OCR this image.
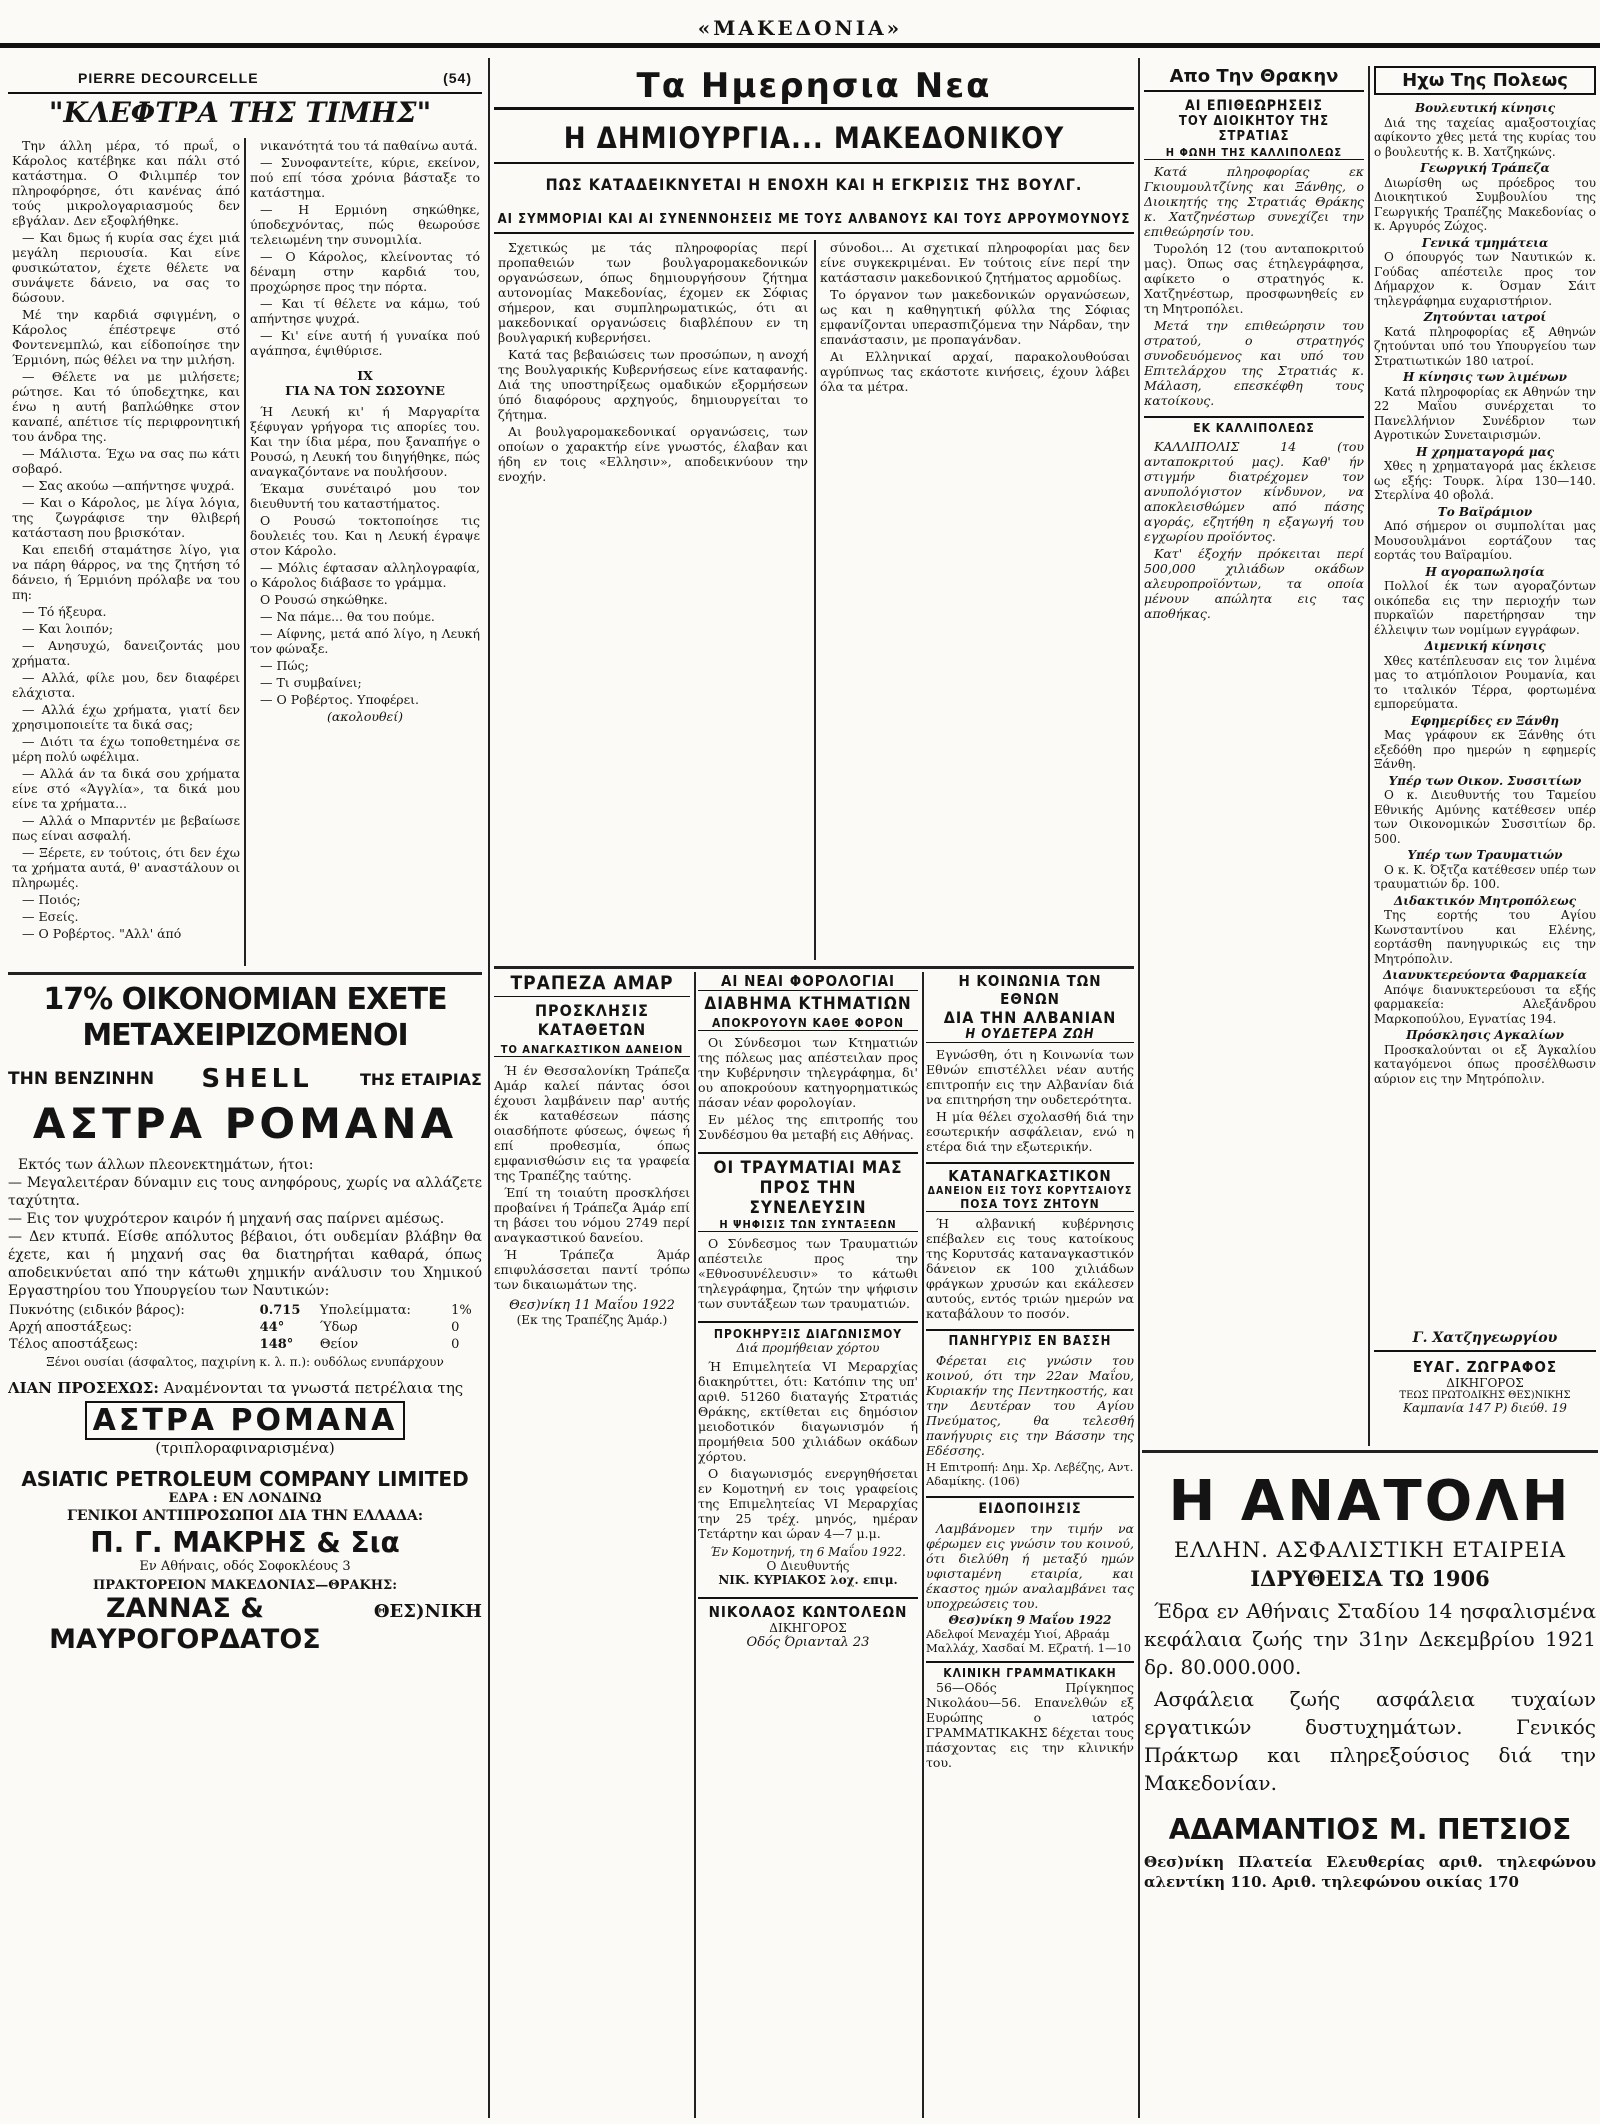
«ΜΑΚΕΔΟΝΙΑ»
PIERRE DECOURCELLE	(54)
"ΚΛΕΦΤΡΑ ΤΗΣ ΤΙΜΗΣ"

Την άλλη μέρα, τό πρωΐ, ο Κάρολος κατέβηκε και πάλι στό κατάστημα. Ο Φιλιμπέρ τον πληροφόρησε, ότι κανένας άπό τούς μικρολογαριασμούς δεν εβγάλαν. Δεν εξοφλήθηκε.

— Και δμως ή κυρία σας έχει μιά μεγάλη περιουσία. Και είνε φυσικώτατον, έχετε θέλετε να συνάψετε δάνειο, να σας το δώσουν.

Μέ την καρδιά σφιγμένη, ο Κάρολος έπέστρεψε στό Φοντενεμπλώ, και είδοποίησε την Έρμιόνη, πώς θέλει να την μιλήση.

— Θέλετε να με μιλήσετε; ρώτησε. Και τό ύποδεχτηκε, και ένω η αυτή βαπλώθηκε στον καναπέ, απέτισε τίς περιφρονητική του άνδρα της.

— Μάλιστα. Έχω να σας πω κάτι σοβαρό.

— Σας ακούω —απήντησε ψυχρά.

— Και ο Κάρολος, με λίγα λόγια, της ζωγράφισε την θλιβερή κατάσταση που βρισκόταν.

Και επειδή σταμάτησε λίγο, για να πάρη θάρρος, να της ζητήση τό δάνειο, ή Έρμιόνη πρόλαβε να του πη:

— Τό ήξευρα.

— Και λοιπόν;

— Ανησυχώ, δανειζοντάς μου χρήματα.

— Αλλά, φίλε μου, δεν διαφέρει ελάχιστα.

— Αλλά έχω χρήματα, γιατί δεν χρησιμοποιείτε τα δικά σας;

— Διότι τα έχω τοποθετημένα σε μέρη πολύ ωφέλιμα.

— Αλλά άν τα δικά σου χρήματα είνε στό «Άγγλία», τα δικά μου είνε τα χρήματα...

— Αλλά ο Μπαρντέν με βεβαίωσε πως είναι ασφαλή.

— Ξέρετε, εν τούτοις, ότι δεν έχω τα χρήματα αυτά, θ' αναστάλουν οι πληρωμές.

— Ποιός;

— Εσείς.

— Ο Ροβέρτος. "Αλλ' άπό

νικανότητά του τά παθαίνω αυτά.

— Συνοφαντείτε, κύριε, εκείνον, πού επί τόσα χρόνια βάσταξε το κατάστημα.

— Η Ερμιόνη σηκώθηκε, ύποδεχνόντας, πώς θεωρούσε τελειωμένη την συνομιλία.

— Ο Κάρολος, κλείνοντας τό δέναμη στην καρδιά του, προχώρησε προς την πόρτα.

— Και τί θέλετε να κάμω, τού απήντησε ψυχρά.

— Κι' είνε αυτή ή γυναίκα πού αγάπησα, έψιθύρισε.

IX
ΓΙΑ ΝΑ ΤΟΝ ΣΩΣΟΥΝΕ

Ή Λευκή κι' ή Μαργαρίτα ξέφυγαν γρήγορα τις απορίες του. Και την ίδια μέρα, που ξαναπήγε ο Ρουσώ, η Λευκή του διηγήθηκε, πώς αναγκαζόντανε να πουλήσουν.

Έκαμα συνέταιρό μου τον διευθυντή του καταστήματος.

Ο Ρουσώ τοκτοποίησε τις δουλειές του. Και η Λευκή έγραψε στον Κάρολο.

— Μόλις έφτασαν αλληλογραφία, ο Κάρολος διάβασε το γράμμα.

Ο Ρουσώ σηκώθηκε.

— Να πάμε... θα του πούμε.

— Αίφνης, μετά από λίγο, η Λευκή τον φώναξε.

— Πώς;

— Τι συμβαίνει;

— Ο Ροβέρτος. Υποφέρει.

(ακολουθεί)
17% ΟΙΚΟΝΟΜΙΑΝ ΕΧΕΤΕ ΜΕΤΑΧΕΙΡΙΖΟΜΕΝΟΙ
ΤΗΝ ΒΕΝΖΙΝΗΝ SHELL	ΤΗΣ ΕΤΑΙΡΙΑΣ
ΑΣΤΡΑ ΡΟΜΑΝΑ
Εκτός των άλλων πλεονεκτημάτων, ήτοι:
— Μεγαλειτέραν δύναμιν εις τους ανηφόρους, χωρίς να αλλάζετε ταχύτητα.
— Εις τον ψυχρότερον καιρόν ή μηχανή σας παίρνει αμέσως.
— Δεν κτυπά. Είσθε απόλυτος βέβαιοι, ότι ουδεμίαν βλάβην θα έχετε, και ή μηχανή σας θα διατηρήται καθαρά, όπως αποδεικνύεται από την κάτωθι χημικήν ανάλυσιν του Χημικού Εργαστηρίου του Υπουργείου των Ναυτικών:
Πυκνότης (ειδικόν βάρος):	0.715	Υπολείμματα:	1%
Αρχή αποστάξεως:	44°	Ύδωρ	0
Τέλος αποστάξεως:	148°	Θείον	0
Ξένοι ουσίαι (άσφαλτος, παχιρίνη κ. λ. π.): ουδόλως ενυπάρχουν
ΛΙΑΝ ΠΡΟΣΕΧΩΣ: Αναμένονται τα γνωστά πετρέλαια της
ΑΣΤΡΑ ΡΟΜΑΝΑ (τριπλοραφιναρισμένα)
ASIATIC PETROLEUM COMPANY LIMITED
ΕΔΡΑ : ΕΝ ΛΟΝΔΙΝΩ
ΓΕΝΙΚΟΙ ΑΝΤΙΠΡΟΣΩΠΟΙ ΔΙΑ ΤΗΝ ΕΛΛΑΔΑ:
Π. Γ. ΜΑΚΡΗΣ & Σια
Εν Αθήναις, οδός Σοφοκλέους 3
ΠΡΑΚΤΟΡΕΙΟΝ ΜΑΚΕΔΟΝΙΑΣ—ΘΡΑΚΗΣ:
ΖΑΝΝΑΣ & ΜΑΥΡΟΓΟΡΔΑΤΟΣ
ΘΕΣ)ΝΙΚΗ
Τα Ημερησια Νεα
Η ΔΗΜΙΟΥΡΓΙΑ... ΜΑΚΕΔΟΝΙΚΟΥ
ΠΩΣ ΚΑΤΑΔΕΙΚΝΥΕΤΑΙ Η ΕΝΟΧΗ ΚΑΙ Η ΕΓΚΡΙΣΙΣ ΤΗΣ ΒΟΥΛΓ.
ΑΙ ΣΥΜΜΟΡΙΑΙ ΚΑΙ ΑΙ ΣΥΝΕΝΝΟΗΣΕΙΣ ΜΕ ΤΟΥΣ ΑΛΒΑΝΟΥΣ ΚΑΙ ΤΟΥΣ ΑΡΡΟΥΜΟΥΝΟΥΣ

Σχετικώς με τάς πληροφορίας περί προπαθειών των βουλγαρομακεδονικών οργανώσεων, όπως δημιουργήσουν ζήτημα αυτονομίας Μακεδονίας, έχομεν εκ Σόφιας σήμερον, και συμπληρωματικώς, ότι αι μακεδονικαί οργανώσεις διαβλέπουν εν τη βουλγαρική κυβερνήσει.

Κατά τας βεβαιώσεις των προσώπων, η ανοχή της Βουλγαρικής Κυβερνήσεως είνε καταφανής. Διά της υποστηρίξεως ομαδικών εξορμήσεων ύπό διαφόρους αρχηγούς, δημιουργείται το ζήτημα.

Αι βουλγαρομακεδονικαί οργανώσεις, των οποίων ο χαρακτήρ είνε γνωστός, έλαβαν και ήδη εν τοις «Ελλησιν», αποδεικνύουν την ενοχήν.

σύνοδοι... Αι σχετικαί πληροφορίαι μας δεν είνε συγκεκριμέναι. Εν τούτοις είνε περί την κατάστασιν μακεδονικού ζητήματος αρμοδίως.

Το όργανον των μακεδονικών οργανώσεων, ως και η καθηγητική φύλλα της Σόφιας εμφανίζονται υπερασπιζόμενα την Νάρδαν, την επανάστασιν, με προπαγάνδαν.

Αι Ελληνικαί αρχαί, παρακολουθούσαι αγρύπνως τας εκάστοτε κινήσεις, έχουν λάβει όλα τα μέτρα.

ΤΡΑΠΕΖΑ ΑΜΑΡ
ΠΡΟΣΚΛΗΣΙΣ ΚΑΤΑΘΕΤΩΝ
ΤΟ ΑΝΑΓΚΑΣΤΙΚΟΝ ΔΑΝΕΙΟΝ

Ή έν Θεσσαλονίκη Τράπεζα Αμάρ καλεί πάντας όσοι έχουσι λαμβάνειν παρ' αυτής έκ καταθέσεων πάσης οιασδήποτε φύσεως, όψεως ή επί προθεσμία, όπως εμφανισθώσιν εις τα γραφεία της Τραπέζης ταύτης.

Έπί τη τοιαύτη προσκλήσει προβαίνει ή Τράπεζα Άμάρ επί τη βάσει του νόμου 2749 περί αναγκαστικού δανείου.

Ή Τράπεζα Άμάρ επιφυλάσσεται παντί τρόπω των δικαιωμάτων της.

Θεσ)νίκη 11 Μαΐου 1922
(Εκ της Τραπέζης Άμάρ.)
ΑΙ ΝΕΑΙ ΦΟΡΟΛΟΓΙΑΙ
ΔΙΑΒΗΜΑ ΚΤΗΜΑΤΙΩΝ
ΑΠΟΚΡΟΥΟΥΝ ΚΑΘΕ ΦΟΡΟΝ

Οι Σύνδεσμοι των Κτηματιών της πόλεως μας απέστειλαν προς την Κυβέρνησιν τηλεγράφημα, δι' ου αποκρούουν κατηγορηματικώς πάσαν νέαν φορολογίαν.

Εν μέλος της επιτροπής του Συνδέσμου θα μεταβή εις Αθήνας.

ΟΙ ΤΡΑΥΜΑΤΙΑΙ ΜΑΣ
ΠΡΟΣ ΤΗΝ ΣΥΝΕΛΕΥΣΙΝ
Η ΨΗΦΙΣΙΣ ΤΩΝ ΣΥΝΤΑΞΕΩΝ

Ο Σύνδεσμος των Τραυματιών απέστειλε προς την «Εθνοσυνέλευσιν» το κάτωθι τηλεγράφημα, ζητών την ψήφισιν των συντάξεων των τραυματιών.

ΠΡΟΚΗΡΥΞΙΣ ΔΙΑΓΩΝΙΣΜΟΥ
Διά προμήθειαν χόρτου

Ή Επιμελητεία VI Μεραρχίας διακηρύττει, ότι: Κατόπιν της υπ' αριθ. 51260 διαταγής Στρατιάς Θράκης, εκτίθεται εις δημόσιον μειοδοτικόν διαγωνισμόν ή προμήθεια 500 χιλιάδων οκάδων χόρτου.

Ο διαγωνισμός ενεργηθήσεται εν Κομοτηνή εν τοις γραφείοις της Επιμελητείας VI Μεραρχίας την 25 τρέχ. μηνός, ημέραν Τετάρτην και ώραν 4—7 μ.μ.

Έν Κομοτηνή, τη 6 Μαΐου 1922.
Ο Διευθυντής
ΝΙΚ. ΚΥΡΙΑΚΟΣ λοχ. επιμ.
ΝΙΚΟΛΑΟΣ ΚΩΝΤΟΛΕΩΝ
ΔΙΚΗΓΟΡΟΣ
Οδός Όριανταλ 23
Η ΚΟΙΝΩΝΙΑ ΤΩΝ ΕΘΝΩΝ
ΔΙΑ ΤΗΝ ΑΛΒΑΝΙΑΝ
Η ΟΥΔΕΤΕΡΑ ΖΩΗ

Εγνώσθη, ότι η Κοινωνία των Εθνών επιστέλλει νέαν αυτής επιτροπήν εις την Αλβανίαν διά να επιτηρήση την ουδετερότητα.

Η μία θέλει σχολασθή διά την εσωτερικήν ασφάλειαν, ενώ η ετέρα διά την εξωτερικήν.

ΚΑΤΑΝΑΓΚΑΣΤΙΚΟΝ
ΔΑΝΕΙΟΝ ΕΙΣ ΤΟΥΣ ΚΟΡΥΤΣΑΙΟΥΣ
ΠΟΣΑ ΤΟΥΣ ΖΗΤΟΥΝ

Ή αλβανική κυβέρνησις επέβαλεν εις τους κατοίκους της Κορυτσάς καταναγκαστικόν δάνειον εκ 100 χιλιάδων φράγκων χρυσών και εκάλεσεν αυτούς, εντός τριών ημερών να καταβάλουν το ποσόν.

ΠΑΝΗΓΥΡΙΣ ΕΝ ΒΑΣΣΗ

Φέρεται εις γνώσιν του κοινού, ότι την 22αν Μαΐου, Κυριακήν της Πεντηκοστής, και την Δευτέραν του Αγίου Πνεύματος, θα τελεσθή πανήγυρις εις την Βάσσην της Εδέσσης.

Η Επιτροπή: Δημ. Χρ. Λεβέζης, Αντ. Αδαμίκης. (106)
ΕΙΔΟΠΟΙΗΣΙΣ

Λαμβάνομεν την τιμήν να φέρωμεν εις γνώσιν του κοινού, ότι διελύθη ή μεταξύ ημών υφισταμένη εταιρία, και έκαστος ημών αναλαμβάνει τας υποχρεώσεις του.

Θεσ)νίκη 9 Μαΐου 1922
Αδελφοί Μεναχέμ Υιοί, Αβραάμ Μαλλάχ, Χασδαί Μ. Εζρατή. 1—10
ΚΛΙΝΙΚΗ ΓΡΑΜΜΑΤΙΚΑΚΗ

56—Οδός Πρίγκηπος Νικολάου—56. Επανελθών εξ Ευρώπης ο ιατρός ΓΡΑΜΜΑΤΙΚΑΚΗΣ δέχεται τους πάσχοντας εις την κλινικήν του.

Απο Την Θρακην
ΑΙ ΕΠΙΘΕΩΡΗΣΕΙΣ
ΤΟΥ ΔΙΟΙΚΗΤΟΥ ΤΗΣ ΣΤΡΑΤΙΑΣ
Η ΦΩΝΗ ΤΗΣ ΚΑΛΛΙΠΟΛΕΩΣ

Κατά πληροφορίας εκ Γκιουμουλτζίνης και Ξάνθης, ο Διοικητής της Στρατιάς Θράκης κ. Χατζηνέστωρ συνεχίζει την επιθεώρησίν του.

Τυρολόη 12 (του ανταποκριτού μας). Όπως σας έτηλεγράφησα, αφίκετο ο στρατηγός κ. Χατζηνέστωρ, προσφωνηθείς εν τη Μητροπόλει.

Μετά την επιθεώρησιν του στρατού, ο στρατηγός συνοδευόμενος και υπό του Επιτελάρχου της Στρατιάς κ. Μάλαση, επεσκέφθη τους κατοίκους.

ΕΚ ΚΑΛΛΙΠΟΛΕΩΣ

ΚΑΛΛΙΠΟΛΙΣ 14 (του ανταποκριτού μας). Καθ' ήν στιγμήν διατρέχομεν τον ανυπολόγιστον κίνδυνον, να αποκλεισθώμεν από πάσης αγοράς, εζητήθη η εξαγωγή του εγχωρίου προϊόντος.

Κατ' έξοχήν πρόκειται περί 500,000 χιλιάδων οκάδων αλευροπροϊόντων, τα οποία μένουν απώλητα εις τας αποθήκας.

Ηχω Της Πολεως
Βουλευτική κίνησις

Διά της ταχείας αμαξοστοιχίας αφίκοντο χθες μετά της κυρίας του ο βουλευτής κ. Β. Χατζηκώνς.

Γεωργική Τράπεζα

Διωρίσθη ως πρόεδρος του Διοικητικού Συμβουλίου της Γεωργικής Τραπέζης Μακεδονίας ο κ. Αργυρός Ζώχος.

Γενικά τμημάτεια

Ο όπουργός των Ναυτικών κ. Γούδας απέστειλε προς τον Δήμαρχον κ. Όσμαν Σάιτ τηλεγράφημα ευχαριστήριον.

Ζητούνται ιατροί

Κατά πληροφορίας εξ Αθηνών ζητούνται υπό του Υπουργείου των Στρατιωτικών 180 ιατροί.

Η κίνησις των λιμένων

Κατά πληροφορίας εκ Αθηνών την 22 Μαΐου συνέρχεται το Πανελλήνιον Συνέδριον των Αγροτικών Συνεταιρισμών.

Η χρηματαγορά μας

Χθες η χρηματαγορά μας έκλεισε ως εξής: Τουρκ. λίρα 130—140. Στερλίνα 40 οβολά.

Το Βαϊράμιον

Από σήμερον οι συμπολίται μας Μουσουλμάνοι εορτάζουν τας εορτάς του Βαϊραμίου.

Η αγοραπωλησία

Πολλοί έκ των αγοραζόντων οικόπεδα εις την περιοχήν των πυρκαϊών παρετήρησαν την έλλειψιν των νομίμων εγγράφων.

Διμενική κίνησις

Χθες κατέπλευσαν εις τον λιμένα μας το ατμόπλοιον Ρουμανία, και το ιταλικόν Τέρρα, φορτωμένα εμπορεύματα.

Εφημερίδες εν Ξάνθη

Μας γράφουν εκ Ξάνθης ότι εξεδόθη προ ημερών η εφημερίς Ξάνθη.

Υπέρ των Οικον. Συσσιτίων

Ο κ. Διευθυντής του Ταμείου Εθνικής Αμύνης κατέθεσεν υπέρ των Οικονομικών Συσσιτίων δρ. 500.

Υπέρ των Τραυματιών

Ο κ. Κ. Όξτζα κατέθεσεν υπέρ των τραυματιών δρ. 100.

Διδακτικόν Μητροπόλεως

Της εορτής του Αγίου Κωνσταντίνου και Ελένης, εορτάσθη πανηγυρικώς εις την Μητρόπολιν.

Διανυκτερεύοντα Φαρμακεία

Απόψε διανυκτερεύουσι τα εξής φαρμακεία: Αλεξάνδρου Μαρκοπούλου, Εγνατίας 194.

Πρόσκλησις Αγκαλίων

Προσκαλούνται οι εξ Άγκαλίου καταγόμενοι όπως προσέλθωσιν αύριον εις την Μητρόπολιν.

Γ. Χατζηγεωργίου
ΕΥΑΓ. ΖΩΓΡΑΦΟΣ
ΔΙΚΗΓΟΡΟΣ
ΤΕΩΣ ΠΡΩΤΟΔΙΚΗΣ ΘΕΣ)ΝΙΚΗΣ
Καμπανία 147 Ρ) διεύθ. 19
Η ΑΝΑΤΟΛΗ
ΕΛΛΗΝ. ΑΣΦΑΛΙΣΤΙΚΗ ΕΤΑΙΡΕΙΑ
ΙΔΡΥΘΕΙΣΑ ΤΩ 1906
Έδρα εν Αθήναις Σταδίου 14 ησφαλισμένα κεφάλαια ζωής την 31ην Δεκεμβρίου 1921 δρ. 80.000.000.
Ασφάλεια ζωής ασφάλεια τυχαίων εργατικών δυστυχημάτων. Γενικός Πράκτωρ και πληρεξούσιος διά την Μακεδονίαν.
ΑΔΑΜΑΝΤΙΟΣ Μ. ΠΕΤΣΙΟΣ
Θεσ)νίκη Πλατεία Ελευθερίας αριθ. τηλεφώνου αλεντίκη 110. Αριθ. τηλεφώνου οικίας 170
